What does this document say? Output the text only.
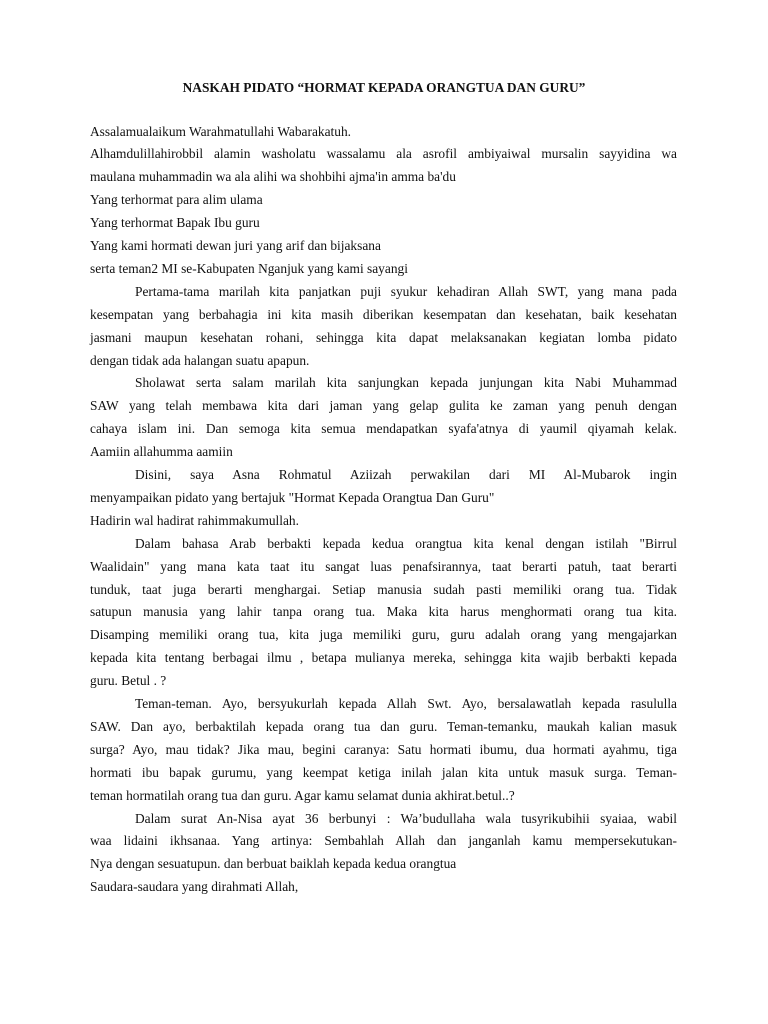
NASKAH PIDATO “HORMAT KEPADA ORANGTUA DAN GURU”

Assalamualaikum Warahmatullahi Wabarakatuh.

Alhamdulillahirobbil alamin washolatu wassalamu ala asrofil ambiyaiwal mursalin sayyidina wa

maulana muhammadin wa ala alihi wa shohbihi ajma'in amma ba'du

Yang terhormat para alim ulama

Yang terhormat Bapak Ibu guru

Yang kami hormati dewan juri yang arif dan bijaksana

serta teman2 MI se-Kabupaten Nganjuk yang kami sayangi

Pertama-tama marilah kita panjatkan puji syukur kehadiran Allah SWT, yang mana pada

kesempatan yang berbahagia ini kita masih diberikan kesempatan dan kesehatan, baik kesehatan

jasmani maupun kesehatan rohani, sehingga kita dapat melaksanakan kegiatan lomba pidato

dengan tidak ada halangan suatu apapun.

Sholawat serta salam marilah kita sanjungkan kepada junjungan kita Nabi Muhammad

SAW yang telah membawa kita dari jaman yang gelap gulita ke zaman yang penuh dengan

cahaya islam ini. Dan semoga kita semua mendapatkan syafa'atnya di yaumil qiyamah kelak.

Aamiin allahumma aamiin

Disini, saya Asna Rohmatul Aziizah perwakilan dari MI Al-Mubarok ingin

menyampaikan pidato yang bertajuk "Hormat Kepada Orangtua Dan Guru"

Hadirin wal hadirat rahimmakumullah.

Dalam bahasa Arab berbakti kepada kedua orangtua kita kenal dengan istilah "Birrul

Waalidain" yang mana kata taat itu sangat luas penafsirannya, taat berarti patuh, taat berarti

tunduk, taat juga berarti menghargai. Setiap manusia sudah pasti memiliki orang tua. Tidak

satupun manusia yang lahir tanpa orang tua. Maka kita harus menghormati orang tua kita.

Disamping memiliki orang tua, kita juga memiliki guru, guru adalah orang yang mengajarkan

kepada kita tentang berbagai ilmu , betapa mulianya mereka, sehingga kita wajib berbakti kepada

guru. Betul . ?

Teman-teman. Ayo, bersyukurlah kepada Allah Swt. Ayo, bersalawatlah kepada rasululla

SAW. Dan ayo, berbaktilah kepada orang tua dan guru. Teman-temanku, maukah kalian masuk

surga? Ayo, mau tidak? Jika mau, begini caranya: Satu hormati ibumu, dua hormati ayahmu, tiga

hormati ibu bapak gurumu, yang keempat ketiga inilah jalan kita untuk masuk surga. Teman-

teman hormatilah orang tua dan guru. Agar kamu selamat dunia akhirat.betul..?

Dalam surat An-Nisa ayat 36 berbunyi : Wa’budullaha wala tusyrikubihii syaiaa, wabil

waa lidaini ikhsanaa. Yang artinya: Sembahlah Allah dan janganlah kamu mempersekutukan-

Nya dengan sesuatupun. dan berbuat baiklah kepada kedua orangtua

Saudara-saudara yang dirahmati Allah,
